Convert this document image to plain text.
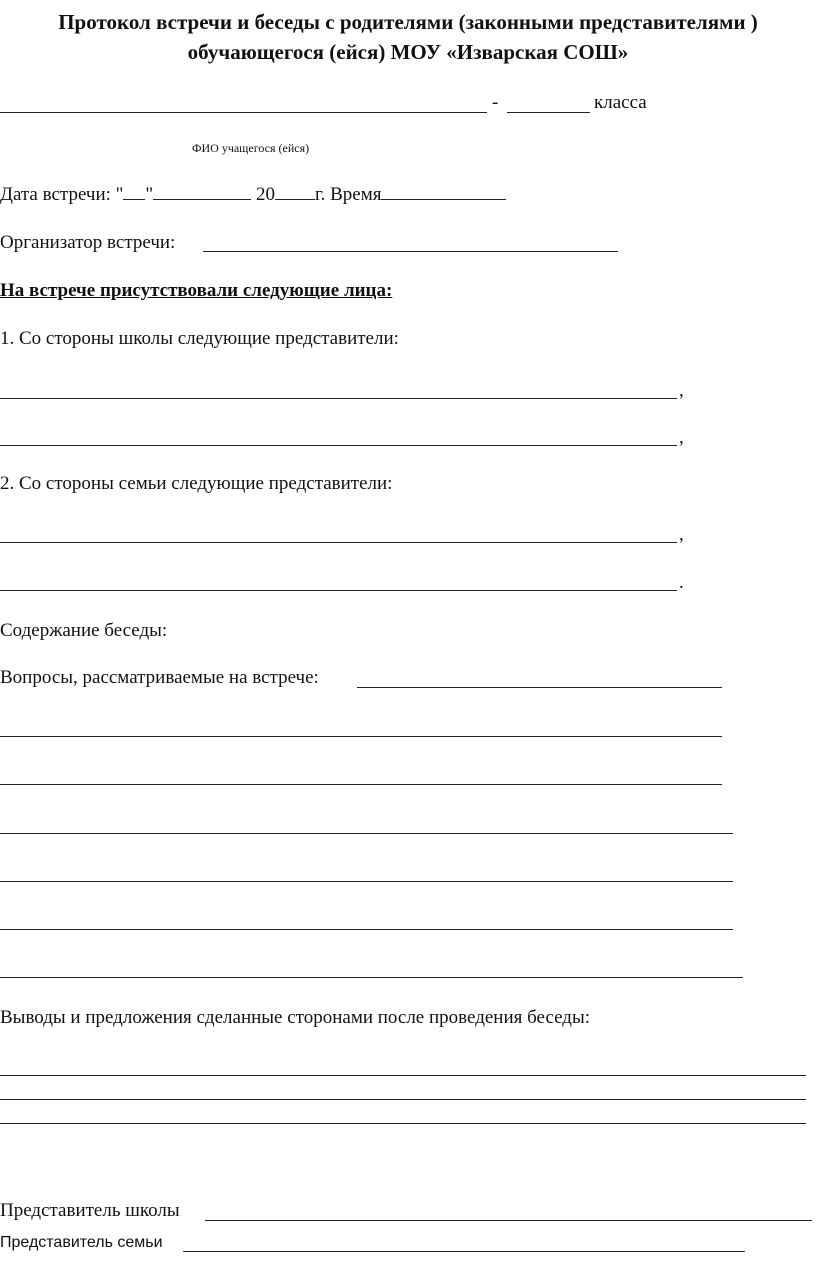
Протокол встречи и беседы с родителями (законными представителями )
обучающегося (ейся) МОУ «Изварская СОШ»
-	класса
ФИО учащегося (ейся)
Дата встречи: " "	20 г. Время
Организатор встречи:
На встрече присутствовали следующие лица:
1. Со стороны школы следующие представители:
,
,
2. Со стороны семьи следующие представители:
,
.
Содержание беседы:
Вопросы, рассматриваемые на встрече:
Выводы и предложения сделанные сторонами после проведения беседы:
Представитель школы
Представитель семьи
